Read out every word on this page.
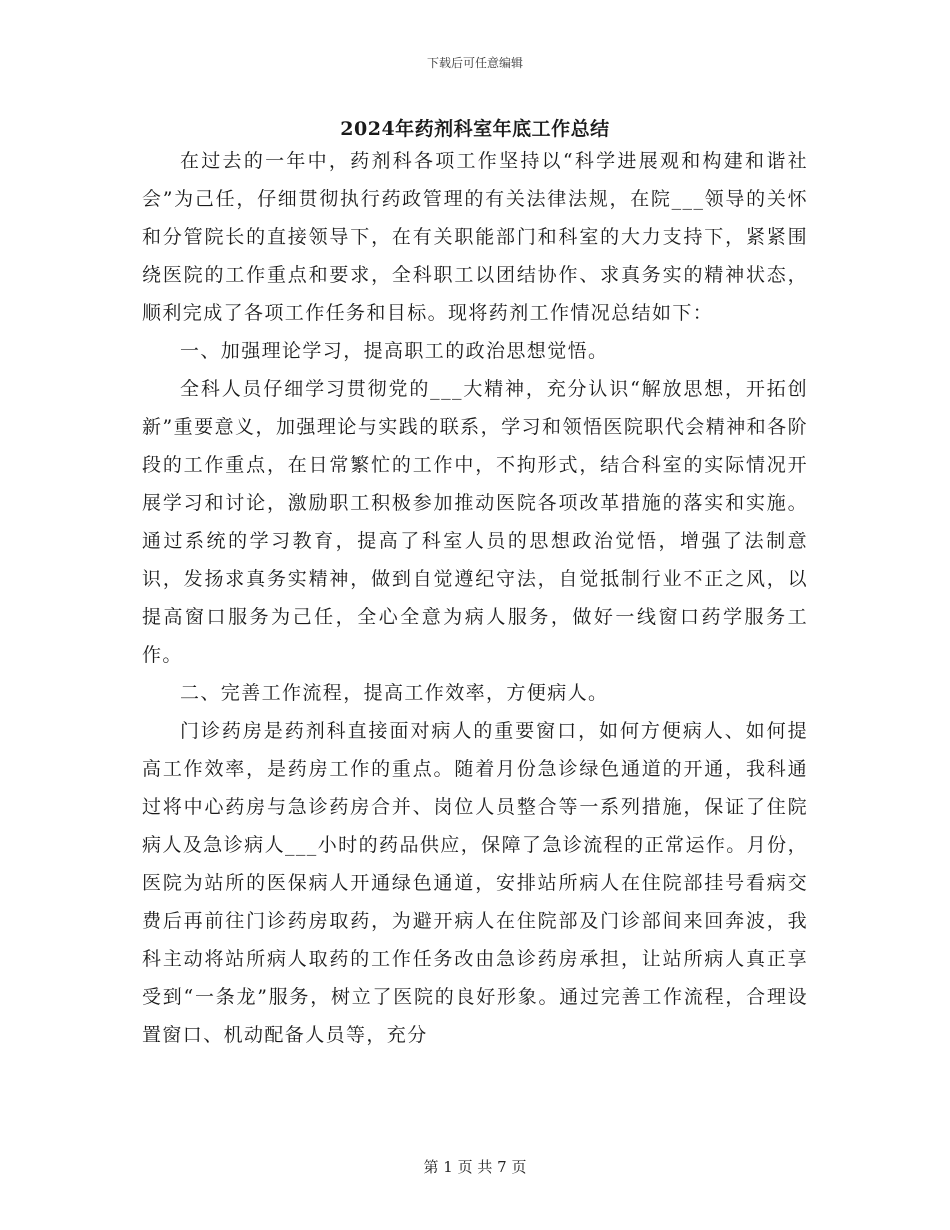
下载后可任意编辑
2024年药剂科室年底工作总结

在过去的一年中，药剂科各项工作坚持以“科学进展观和构建和谐社会”为己任，仔细贯彻执行药政管理的有关法律法规，在院___领导的关怀和分管院长的直接领导下，在有关职能部门和科室的大力支持下，紧紧围绕医院的工作重点和要求，全科职工以团结协作、求真务实的精神状态，顺利完成了各项工作任务和目标。现将药剂工作情况总结如下：

一、加强理论学习，提高职工的政治思想觉悟。

全科人员仔细学习贯彻党的___大精神，充分认识“解放思想，开拓创新”重要意义，加强理论与实践的联系，学习和领悟医院职代会精神和各阶段的工作重点，在日常繁忙的工作中，不拘形式，结合科室的实际情况开展学习和讨论，激励职工积极参加推动医院各项改革措施的落实和实施。通过系统的学习教育，提高了科室人员的思想政治觉悟，增强了法制意识，发扬求真务实精神，做到自觉遵纪守法，自觉抵制行业不正之风，以提高窗口服务为己任，全心全意为病人服务，做好一线窗口药学服务工作。

二、完善工作流程，提高工作效率，方便病人。

门诊药房是药剂科直接面对病人的重要窗口，如何方便病人、如何提高工作效率，是药房工作的重点。随着月份急诊绿色通道的开通，我科通过将中心药房与急诊药房合并、岗位人员整合等一系列措施，保证了住院病人及急诊病人___小时的药品供应，保障了急诊流程的正常运作。月份，医院为站所的医保病人开通绿色通道，安排站所病人在住院部挂号看病交费后再前往门诊药房取药，为避开病人在住院部及门诊部间来回奔波，我科主动将站所病人取药的工作任务改由急诊药房承担，让站所病人真正享受到“一条龙”服务，树立了医院的良好形象。通过完善工作流程，合理设置窗口、机动配备人员等，充分

第 1 页 共 7 页
